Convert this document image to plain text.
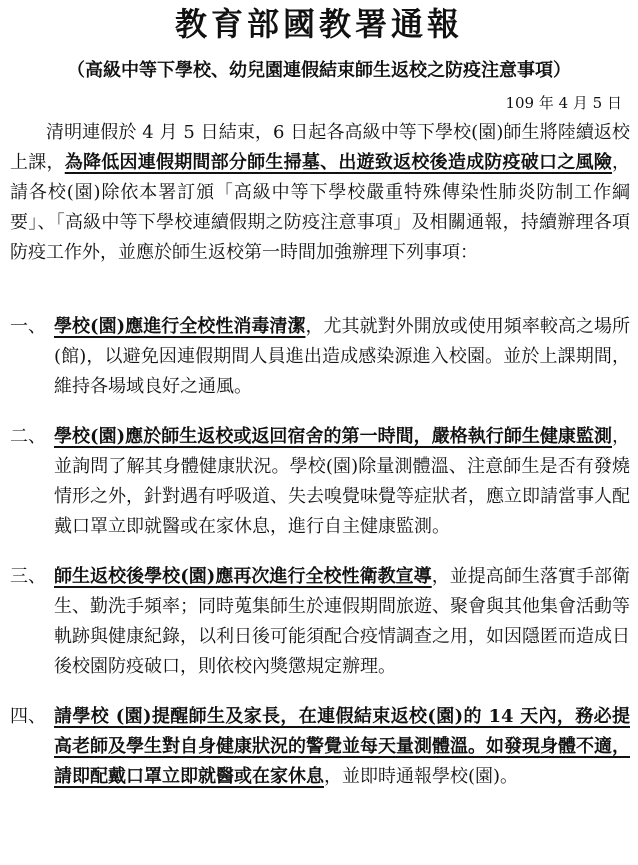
教育部國教署通報
（高級中等下學校、幼兒園連假結束師生返校之防疫注意事項）
109 年 4 月 5 日
清明連假於 4 月 5 日結束，6 日起各高級中等下學校(園)師生將陸續返校上課，為降低因連假期間部分師生掃墓、出遊致返校後造成防疫破口之風險，請各校(園)除依本署訂頒「高級中等下學校嚴重特殊傳染性肺炎防制工作綱要」、「高級中等下學校連續假期之防疫注意事項」及相關通報，持續辦理各項防疫工作外，並應於師生返校第一時間加強辦理下列事項：
一、 學校(園)應進行全校性消毒清潔，尤其就對外開放或使用頻率較高之場所(館)，以避免因連假期間人員進出造成感染源進入校園。並於上課期間，維持各場域良好之通風。
二、 學校(園)應於師生返校或返回宿舍的第一時間，嚴格執行師生健康監測，並詢問了解其身體健康狀況。學校(園)除量測體溫、注意師生是否有發燒情形之外，針對遇有呼吸道、失去嗅覺味覺等症狀者，應立即請當事人配戴口罩立即就醫或在家休息，進行自主健康監測。
三、 師生返校後學校(園)應再次進行全校性衛教宣導，並提高師生落實手部衛生、勤洗手頻率；同時蒐集師生於連假期間旅遊、聚會與其他集會活動等軌跡與健康紀錄，以利日後可能須配合疫情調查之用，如因隱匿而造成日後校園防疫破口，則依校內獎懲規定辦理。
四、 請學校 (園)提醒師生及家長，在連假結束返校(園)的 14 天內，務必提高老師及學生對自身健康狀況的警覺並每天量測體溫。如發現身體不適，請即配戴口罩立即就醫或在家休息，並即時通報學校(園)。
